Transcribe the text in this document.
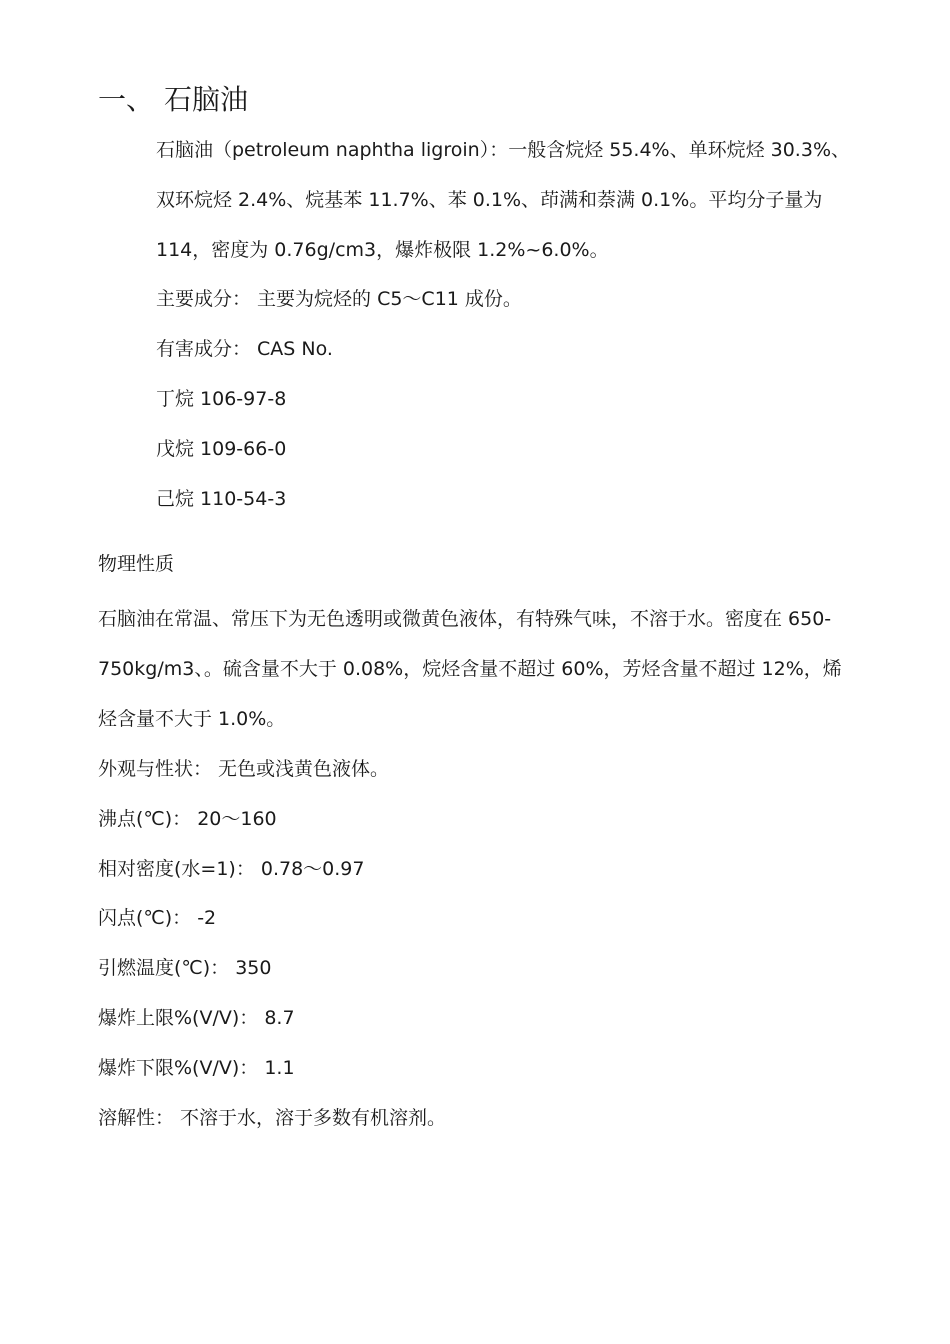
一、 石脑油
石脑油（petroleum naphtha ligroin）：一般含烷烃 55.4%、单环烷烃 30.3%、
双环烷烃 2.4%、烷基苯 11.7%、苯 0.1%、茚满和萘满 0.1%。平均分子量为
114，密度为 0.76g/cm3，爆炸极限 1.2%~6.0%。
主要成分： 主要为烷烃的 C5～C11 成份。
有害成分： CAS No.
丁烷 106-97-8
戊烷 109-66-0
己烷 110-54-3
物理性质
石脑油在常温、常压下为无色透明或微黄色液体，有特殊气味，不溶于水。密度在 650-
750kg/m3、。硫含量不大于 0.08%，烷烃含量不超过 60%，芳烃含量不超过 12%，烯
烃含量不大于 1.0%。
外观与性状： 无色或浅黄色液体。
沸点(℃)： 20～160
相对密度(水=1)： 0.78～0.97
闪点(℃)： -2
引燃温度(℃)： 350
爆炸上限%(V/V)： 8.7
爆炸下限%(V/V)： 1.1
溶解性： 不溶于水，溶于多数有机溶剂。
